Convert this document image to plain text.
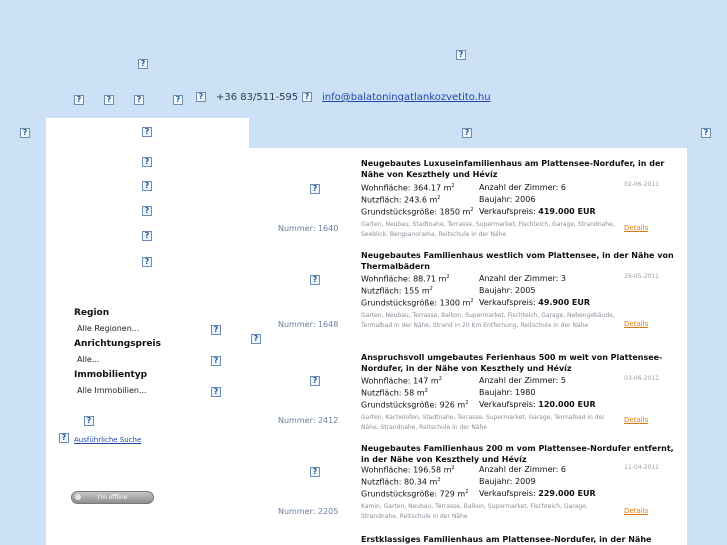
?
?
?
?
?
?
?
?
?
?
?
+36 83/511-595 info@balatoningatlankozvetito.hu
?
?
?
?
?
?
Region
Alle Regionen...
?
Anrichtungspreis
Alle...
?
Immobilientyp
Alle Immobilien...
?
?
?
Ausführliche Suche
I'm offline
?
?
Nummer: 1640
Neugebautes Luxuseinfamilienhaus am Plattensee-Nordufer, in der Nähe von Keszthely und Hévíz
02-06-2011
Wohnfläche: 364.17 $m^2$	Anzahl der Zimmer: 6
Nutzfläch: 243.6 $m^2$	Baujahr: 2006
Grundstücksgröße: 1850 $m^2$ Verkaufspreis: 419.000 EUR
Garten, Neubau, Stadtnahe, Terrasse, Supermarket, Fischteich, Garage, Strandnahe, Seeblick, Bergpanorama, Reitschule in der Nähe
Details
?
Nummer: 1648
Neugebautes Familienhaus westlich vom Plattensee, in der Nähe von Thermalbädern
26-05-2011
Wohnfläche: 88.71 $m^2$	Anzahl der Zimmer: 3
Nutzfläch: 155 $m^2$	Baujahr: 2005
Grundstücksgröße: 1300 $m^2$ Verkaufspreis: 49.900 EUR
Garten, Neubau, Terrasse, Balkon, Supermarket, Fischteich, Garage, Nebengebäude, Termalbad in der Nähe, Strand in 20 Km Entfernung, Reitschule in der Nähe	Details
?
Nummer: 2412
Anspruchsvoll umgebautes Ferienhaus 500 m weit von Plattensee-Nordufer, in der Nähe von Keszthely und Hévíz
03-06-2011
Wohnfläche: 147 $m^2$	Anzahl der Zimmer: 5
Nutzfläch: 58 $m^2$	Baujahr: 1980
Grundstücksgröße: 926 $m^2$ Verkaufspreis: 120.000 EUR
Garten, Kachelofen, Stadtnahe, Terrasse, Supermarket, Garage, Termalbad in der Nähe, Strandnahe, Reitschule in der Nähe
Details
?
Nummer: 2205
Neugebautes Familienhaus 200 m vom Plattensee-Nordufer entfernt, in der Nähe von Keszthely und Hévíz
11-04-2011
Wohnfläche: 196.58 $m^2$	Anzahl der Zimmer: 6
Nutzfläch: 80.34 $m^2$	Baujahr: 2009
Grundstücksgröße: 729 $m^2$ Verkaufspreis: 229.000 EUR
Kamin, Garten, Neubau, Terrasse, Balkon, Supermarket, Fischteich, Garage, Strandnahe, Reitschule in der Nähe
Details
Erstklassiges Familienhaus am Plattensee-Nordufer, in der Nähe
